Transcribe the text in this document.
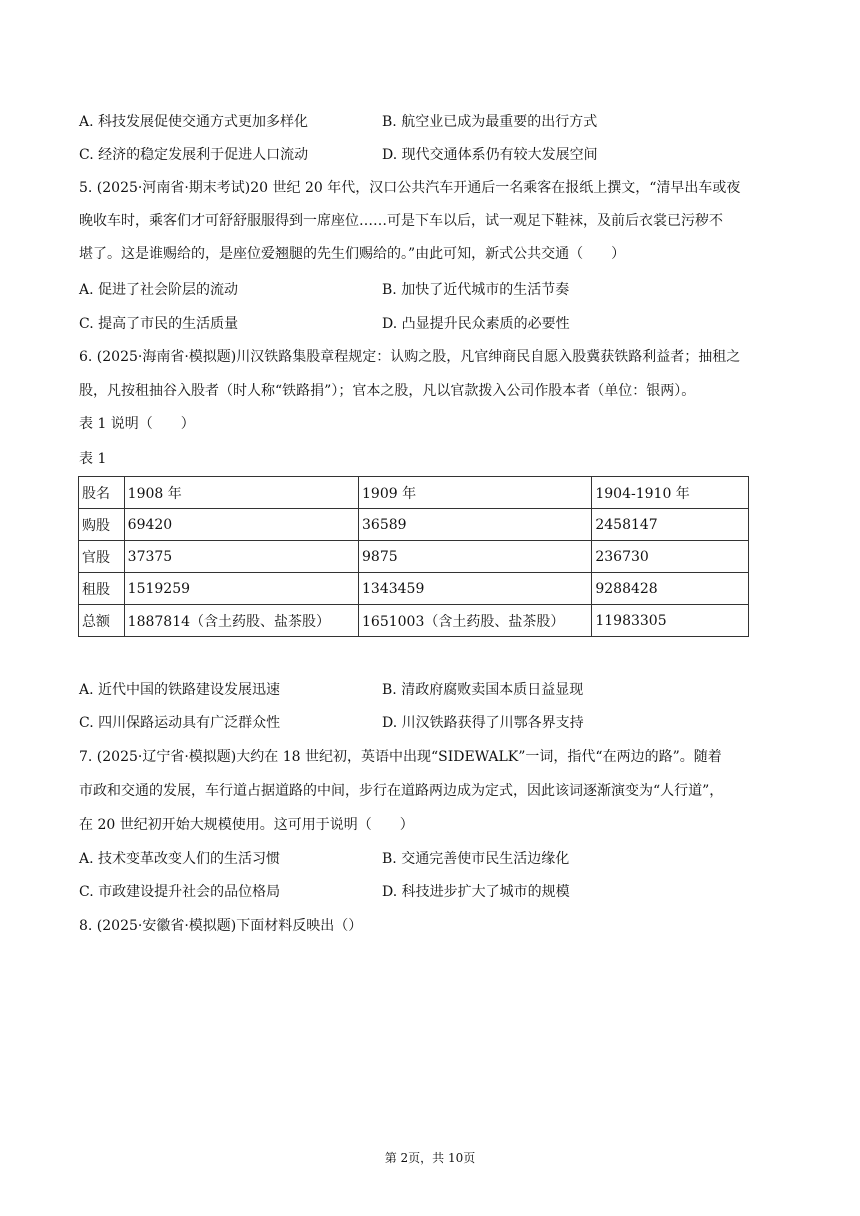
A. 科技发展促使交通方式更加多样化	B. 航空业已成为最重要的出行方式
C. 经济的稳定发展利于促进人口流动	D. 现代交通体系仍有较大发展空间
5. (2025·河南省·期末考试)20 世纪 20 年代，汉口公共汽车开通后一名乘客在报纸上撰文，“清早出车或夜
晚收车时，乘客们才可舒舒服服得到一席座位……可是下车以后，试一观足下鞋袜，及前后衣裳已污秽不
堪了。这是谁赐给的，是座位爱翘腿的先生们赐给的。”由此可知，新式公共交通（　　）
A. 促进了社会阶层的流动	B. 加快了近代城市的生活节奏
C. 提高了市民的生活质量	D. 凸显提升民众素质的必要性
6. (2025·海南省·模拟题)川汉铁路集股章程规定：认购之股，凡官绅商民自愿入股冀获铁路利益者；抽租之
股，凡按租抽谷入股者（时人称“铁路捐”）；官本之股，凡以官款拨入公司作股本者（单位：银两）。
表 1 说明（　　）
表 1
股名	1908 年	1909 年	1904-1910 年
购股	69420	36589	2458147
官股	37375	9875	236730
租股	1519259	1343459	9288428
总额	1887814（含土药股、盐茶股）	1651003（含土药股、盐茶股）	11983305
A. 近代中国的铁路建设发展迅速	B. 清政府腐败卖国本质日益显现
C. 四川保路运动具有广泛群众性	D. 川汉铁路获得了川鄂各界支持
7. (2025·辽宁省·模拟题)大约在 18 世纪初，英语中出现“SIDEWALK”一词，指代“在两边的路”。随着
市政和交通的发展，车行道占据道路的中间，步行在道路两边成为定式，因此该词逐渐演变为“人行道”，
在 20 世纪初开始大规模使用。这可用于说明（　　）
A. 技术变革改变人们的生活习惯	B. 交通完善使市民生活边缘化
C. 市政建设提升社会的品位格局	D. 科技进步扩大了城市的规模
8. (2025·安徽省·模拟题)下面材料反映出（）
第 2页，共 10页
